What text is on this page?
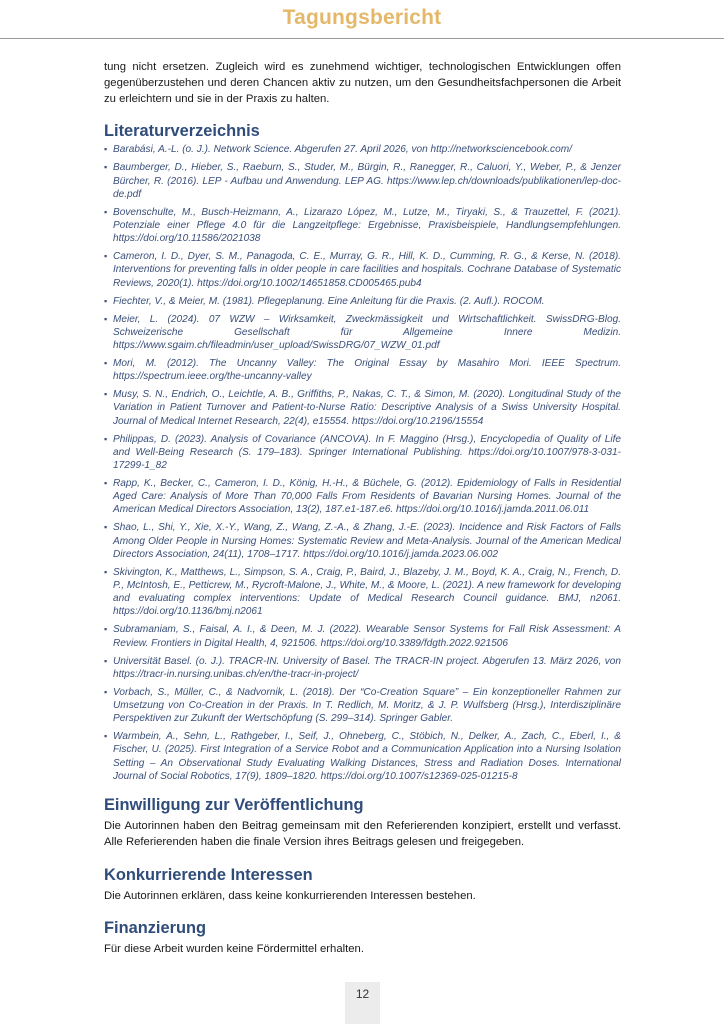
Tagungsbericht

tung nicht ersetzen. Zugleich wird es zunehmend wichtiger, technologischen Entwicklungen offen gegenüberzustehen und deren Chancen aktiv zu nutzen, um den Gesundheitsfachpersonen die Arbeit zu erleichtern und sie in der Praxis zu halten.

Literaturverzeichnis
▪ Barabási, A.-L. (o. J.). Network Science. Abgerufen 27. April 2026, von http://networksciencebook.com/
▪ Baumberger, D., Hieber, S., Raeburn, S., Studer, M., Bürgin, R., Ranegger, R., Caluori, Y., Weber, P., & Jenzer Bürcher, R. (2016). LEP - Aufbau und Anwendung. LEP AG. https://www.lep.ch/downloads/publikationen/lep-doc-de.pdf
▪ Bovenschulte, M., Busch-Heizmann, A., Lizarazo López, M., Lutze, M., Tiryaki, S., & Trauzettel, F. (2021). Potenziale einer Pflege 4.0 für die Langzeitpflege: Ergebnisse, Praxisbeispiele, Handlungsempfehlungen. https://doi.org/10.11586/2021038
▪ Cameron, I. D., Dyer, S. M., Panagoda, C. E., Murray, G. R., Hill, K. D., Cumming, R. G., & Kerse, N. (2018). Interventions for preventing falls in older people in care facilities and hospitals. Cochrane Database of Systematic Reviews, 2020(1). https://doi.org/10.1002/14651858.CD005465.pub4
▪ Fiechter, V., & Meier, M. (1981). Pflegeplanung. Eine Anleitung für die Praxis. (2. Aufl.). ROCOM.
▪ Meier, L. (2024). 07 WZW – Wirksamkeit, Zweckmässigkeit und Wirtschaftlichkeit. SwissDRG-Blog. Schweizerische Gesellschaft für Allgemeine Innere Medizin. https://www.sgaim.ch/fileadmin/user_upload/SwissDRG/07_WZW_01.pdf
▪ Mori, M. (2012). The Uncanny Valley: The Original Essay by Masahiro Mori. IEEE Spectrum. https://spectrum.ieee.org/the-uncanny-valley
▪ Musy, S. N., Endrich, O., Leichtle, A. B., Griffiths, P., Nakas, C. T., & Simon, M. (2020). Longitudinal Study of the Variation in Patient Turnover and Patient-to-Nurse Ratio: Descriptive Analysis of a Swiss University Hospital. Journal of Medical Internet Research, 22(4), e15554. https://doi.org/10.2196/15554
▪ Philippas, D. (2023). Analysis of Covariance (ANCOVA). In F. Maggino (Hrsg.), Encyclopedia of Quality of Life and Well-Being Research (S. 179–183). Springer International Publishing. https://doi.org/10.1007/978-3-031-17299-1_82
▪ Rapp, K., Becker, C., Cameron, I. D., König, H.-H., & Büchele, G. (2012). Epidemiology of Falls in Residential Aged Care: Analysis of More Than 70,000 Falls From Residents of Bavarian Nursing Homes. Journal of the American Medical Directors Association, 13(2), 187.e1-187.e6. https://doi.org/10.1016/j.jamda.2011.06.011
▪ Shao, L., Shi, Y., Xie, X.-Y., Wang, Z., Wang, Z.-A., & Zhang, J.-E. (2023). Incidence and Risk Factors of Falls Among Older People in Nursing Homes: Systematic Review and Meta-Analysis. Journal of the American Medical Directors Association, 24(11), 1708–1717. https://doi.org/10.1016/j.jamda.2023.06.002
▪ Skivington, K., Matthews, L., Simpson, S. A., Craig, P., Baird, J., Blazeby, J. M., Boyd, K. A., Craig, N., French, D. P., McIntosh, E., Petticrew, M., Rycroft-Malone, J., White, M., & Moore, L. (2021). A new framework for developing and evaluating complex interventions: Update of Medical Research Council guidance. BMJ, n2061. https://doi.org/10.1136/bmj.n2061
▪ Subramaniam, S., Faisal, A. I., & Deen, M. J. (2022). Wearable Sensor Systems for Fall Risk Assessment: A Review. Frontiers in Digital Health, 4, 921506. https://doi.org/10.3389/fdgth.2022.921506
▪ Universität Basel. (o. J.). TRACR-IN. University of Basel. The TRACR-IN project. Abgerufen 13. März 2026, von https://tracr-in.nursing.unibas.ch/en/the-tracr-in-project/
▪ Vorbach, S., Müller, C., & Nadvornik, L. (2018). Der “Co-Creation Square” – Ein konzeptioneller Rahmen zur Umsetzung von Co-Creation in der Praxis. In T. Redlich, M. Moritz, & J. P. Wulfsberg (Hrsg.), Interdisziplinäre Perspektiven zur Zukunft der Wertschöpfung (S. 299–314). Springer Gabler.
▪ Warmbein, A., Sehn, L., Rathgeber, I., Seif, J., Ohneberg, C., Stöbich, N., Delker, A., Zach, C., Eberl, I., & Fischer, U. (2025). First Integration of a Service Robot and a Communication Application into a Nursing Isolation Setting – An Observational Study Evaluating Walking Distances, Stress and Radiation Doses. International Journal of Social Robotics, 17(9), 1809–1820. https://doi.org/10.1007/s12369-025-01215-8
Einwilligung zur Veröffentlichung

Die Autorinnen haben den Beitrag gemeinsam mit den Referierenden konzipiert, erstellt und verfasst. Alle Referierenden haben die finale Version ihres Beitrags gelesen und freigegeben.

Konkurrierende Interessen

Die Autorinnen erklären, dass keine konkurrierenden Interessen bestehen.

Finanzierung

Für diese Arbeit wurden keine Fördermittel erhalten.

12
